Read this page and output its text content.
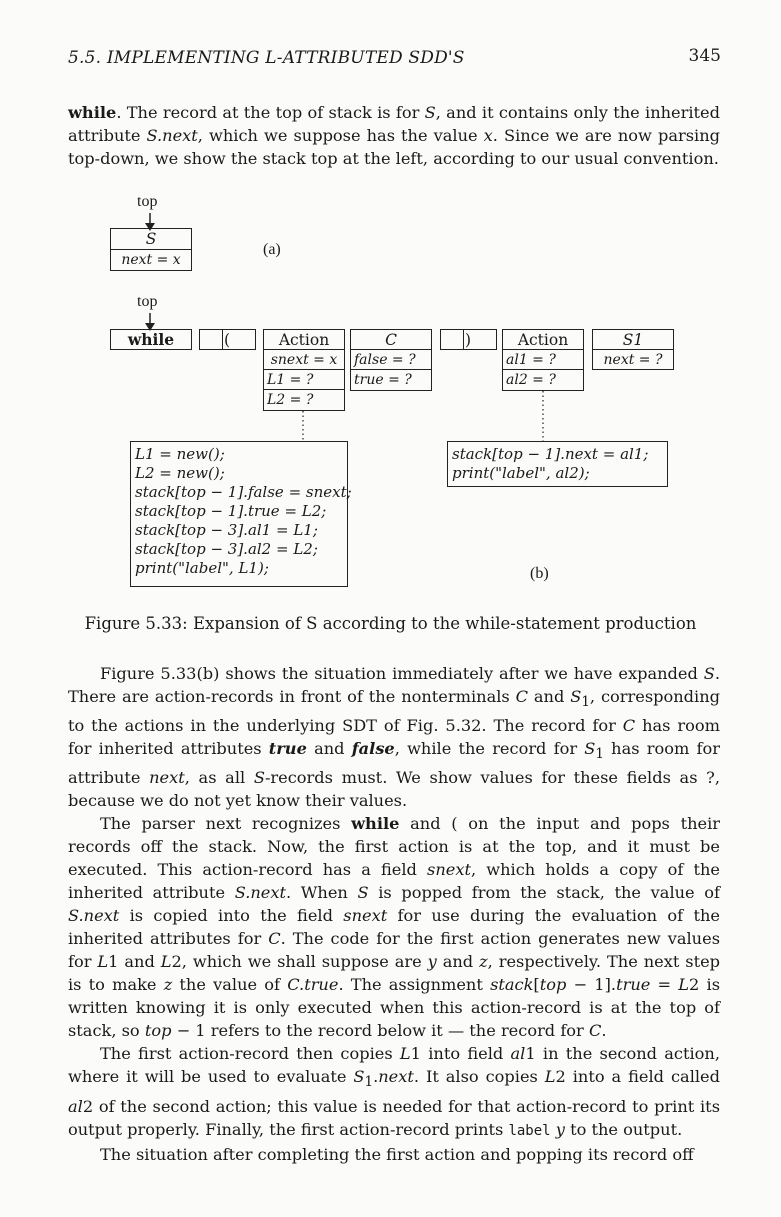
5.5. IMPLEMENTING L-ATTRIBUTED SDD'S	345

while. The record at the top of stack is for S, and it contains only the inherited attribute S.next, which we suppose has the value x. Since we are now parsing top-down, we show the stack top at the left, according to our usual convention.

top
S
next = x
(a)
top
while	(	Action
snext = x
L1 = ?
L2 = ?
C
false = ?
true = ?
)	Action
al1 = ?
al2 = ?
S1
next = ?
L1 = new();
L2 = new();
stack[top − 1].false = snext;
stack[top − 1].true = L2;
stack[top − 3].al1 = L1;
stack[top − 3].al2 = L2;
print("label", L1);
stack[top − 1].next = al1;
print("label", al2);
(b)
Figure 5.33: Expansion of S according to the while-statement production

Figure 5.33(b) shows the situation immediately after we have expanded S. There are action-records in front of the nonterminals C and $S_1$, corresponding to the actions in the underlying SDT of Fig. 5.32. The record for C has room for inherited attributes true and false, while the record for $S_1$ has room for attribute next, as all S-records must. We show values for these fields as ?, because we do not yet know their values.

The parser next recognizes while and ( on the input and pops their records off the stack. Now, the first action is at the top, and it must be executed. This action-record has a field snext, which holds a copy of the inherited attribute S.next. When S is popped from the stack, the value of S.next is copied into the field snext for use during the evaluation of the inherited attributes for C. The code for the first action generates new values for L1 and L2, which we shall suppose are y and z, respectively. The next step is to make z the value of C.true. The assignment stack[top − 1].true = L2 is written knowing it is only executed when this action-record is at the top of stack, so top − 1 refers to the record below it — the record for C.

The first action-record then copies L1 into field al1 in the second action, where it will be used to evaluate $S_1.next$. It also copies L2 into a field called al2 of the second action; this value is needed for that action-record to print its output properly. Finally, the first action-record prints label y to the output.

The situation after completing the first action and popping its record off
